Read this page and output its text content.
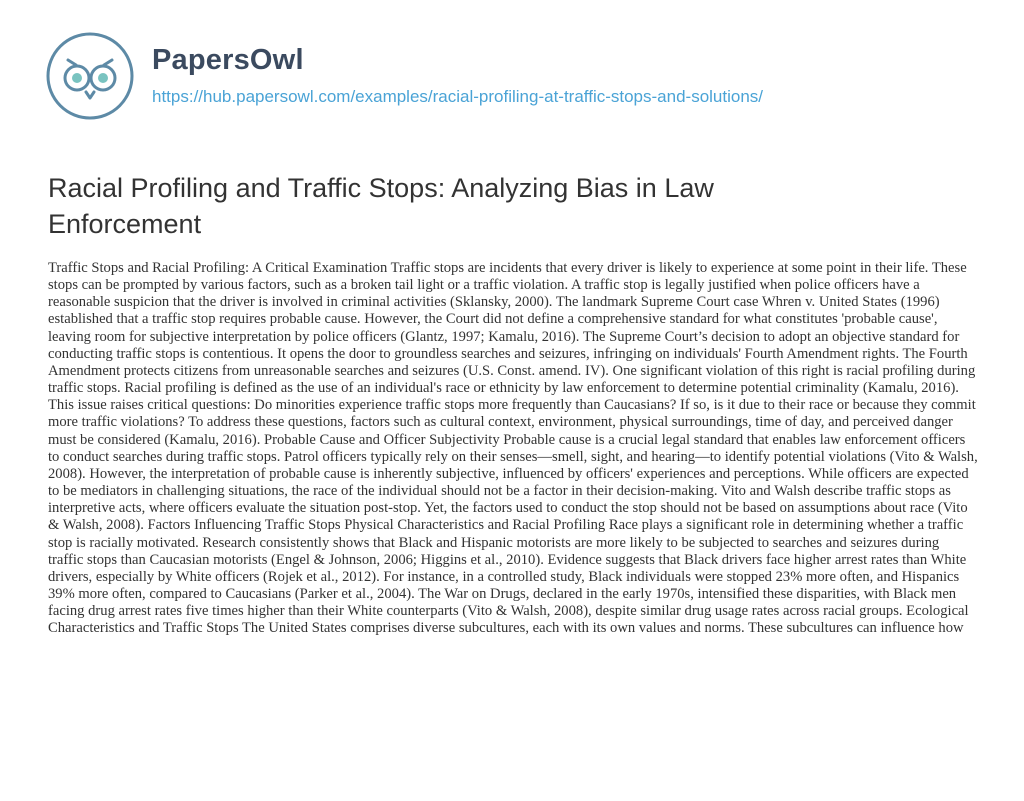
PapersOwl
https://hub.papersowl.com/examples/racial-profiling-at-traffic-stops-and-solutions/
Racial Profiling and Traffic Stops: Analyzing Bias in Law Enforcement

Traffic Stops and Racial Profiling: A Critical Examination Traffic stops are incidents that every driver is likely to experience at some point in their life. These stops can be prompted by various factors, such as a broken tail light or a traffic violation. A traffic stop is legally justified when police officers have a reasonable suspicion that the driver is involved in criminal activities (Sklansky, 2000). The landmark Supreme Court case Whren v. United States (1996) established that a traffic stop requires probable cause. However, the Court did not define a comprehensive standard for what constitutes 'probable cause', leaving room for subjective interpretation by police officers (Glantz, 1997; Kamalu, 2016). The Supreme Court’s decision to adopt an objective standard for conducting traffic stops is contentious. It opens the door to groundless searches and seizures, infringing on individuals' Fourth Amendment rights. The Fourth Amendment protects citizens from unreasonable searches and seizures (U.S. Const. amend. IV). One significant violation of this right is racial profiling during traffic stops. Racial profiling is defined as the use of an individual's race or ethnicity by law enforcement to determine potential criminality (Kamalu, 2016). This issue raises critical questions: Do minorities experience traffic stops more frequently than Caucasians? If so, is it due to their race or because they commit more traffic violations? To address these questions, factors such as cultural context, environment, physical surroundings, time of day, and perceived danger must be considered (Kamalu, 2016). Probable Cause and Officer Subjectivity Probable cause is a crucial legal standard that enables law enforcement officers to conduct searches during traffic stops. Patrol officers typically rely on their senses—smell, sight, and hearing—to identify potential violations (Vito & Walsh, 2008). However, the interpretation of probable cause is inherently subjective, influenced by officers' experiences and perceptions. While officers are expected to be mediators in challenging situations, the race of the individual should not be a factor in their decision-making. Vito and Walsh describe traffic stops as interpretive acts, where officers evaluate the situation post-stop. Yet, the factors used to conduct the stop should not be based on assumptions about race (Vito & Walsh, 2008). Factors Influencing Traffic Stops Physical Characteristics and Racial Profiling Race plays a significant role in determining whether a traffic stop is racially motivated. Research consistently shows that Black and Hispanic motorists are more likely to be subjected to searches and seizures during traffic stops than Caucasian motorists (Engel & Johnson, 2006; Higgins et al., 2010). Evidence suggests that Black drivers face higher arrest rates than White drivers, especially by White officers (Rojek et al., 2012). For instance, in a controlled study, Black individuals were stopped 23% more often, and Hispanics 39% more often, compared to Caucasians (Parker et al., 2004). The War on Drugs, declared in the early 1970s, intensified these disparities, with Black men facing drug arrest rates five times higher than their White counterparts (Vito & Walsh, 2008), despite similar drug usage rates across racial groups. Ecological Characteristics and Traffic Stops The United States comprises diverse subcultures, each with its own values and norms. These subcultures can influence how
